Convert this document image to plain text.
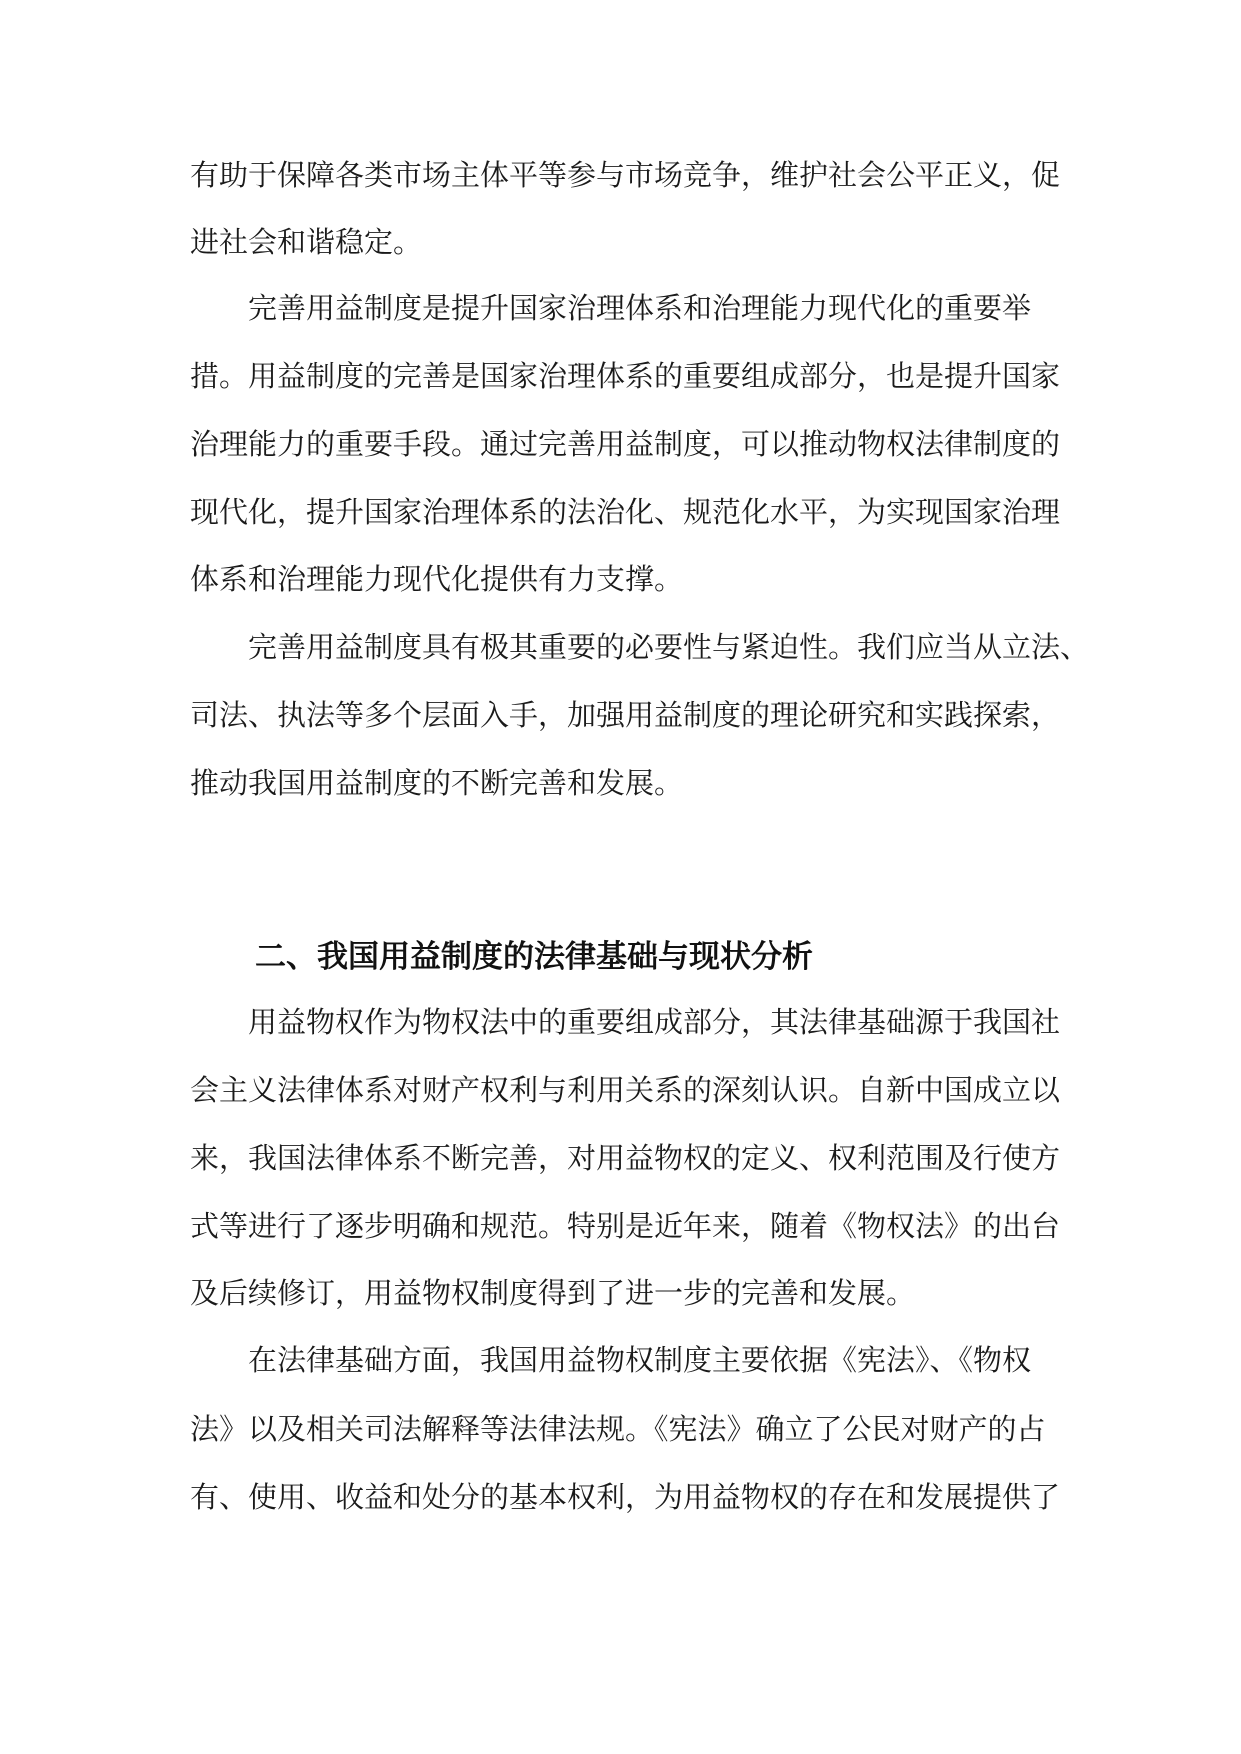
有助于保障各类市场主体平等参与市场竞争，维护社会公平正义，促
进社会和谐稳定。
完善用益制度是提升国家治理体系和治理能力现代化的重要举
措。用益制度的完善是国家治理体系的重要组成部分，也是提升国家
治理能力的重要手段。通过完善用益制度，可以推动物权法律制度的
现代化，提升国家治理体系的法治化、规范化水平，为实现国家治理
体系和治理能力现代化提供有力支撑。
完善用益制度具有极其重要的必要性与紧迫性。我们应当从立法、
司法、执法等多个层面入手，加强用益制度的理论研究和实践探索，
推动我国用益制度的不断完善和发展。
用益物权作为物权法中的重要组成部分，其法律基础源于我国社
会主义法律体系对财产权利与利用关系的深刻认识。自新中国成立以
来，我国法律体系不断完善，对用益物权的定义、权利范围及行使方
式等进行了逐步明确和规范。特别是近年来，随着《物权法》的出台
及后续修订，用益物权制度得到了进一步的完善和发展。
在法律基础方面，我国用益物权制度主要依据《宪法》、《物权
法》以及相关司法解释等法律法规。《宪法》确立了公民对财产的占
有、使用、收益和处分的基本权利，为用益物权的存在和发展提供了
二、我国用益制度的法律基础与现状分析
